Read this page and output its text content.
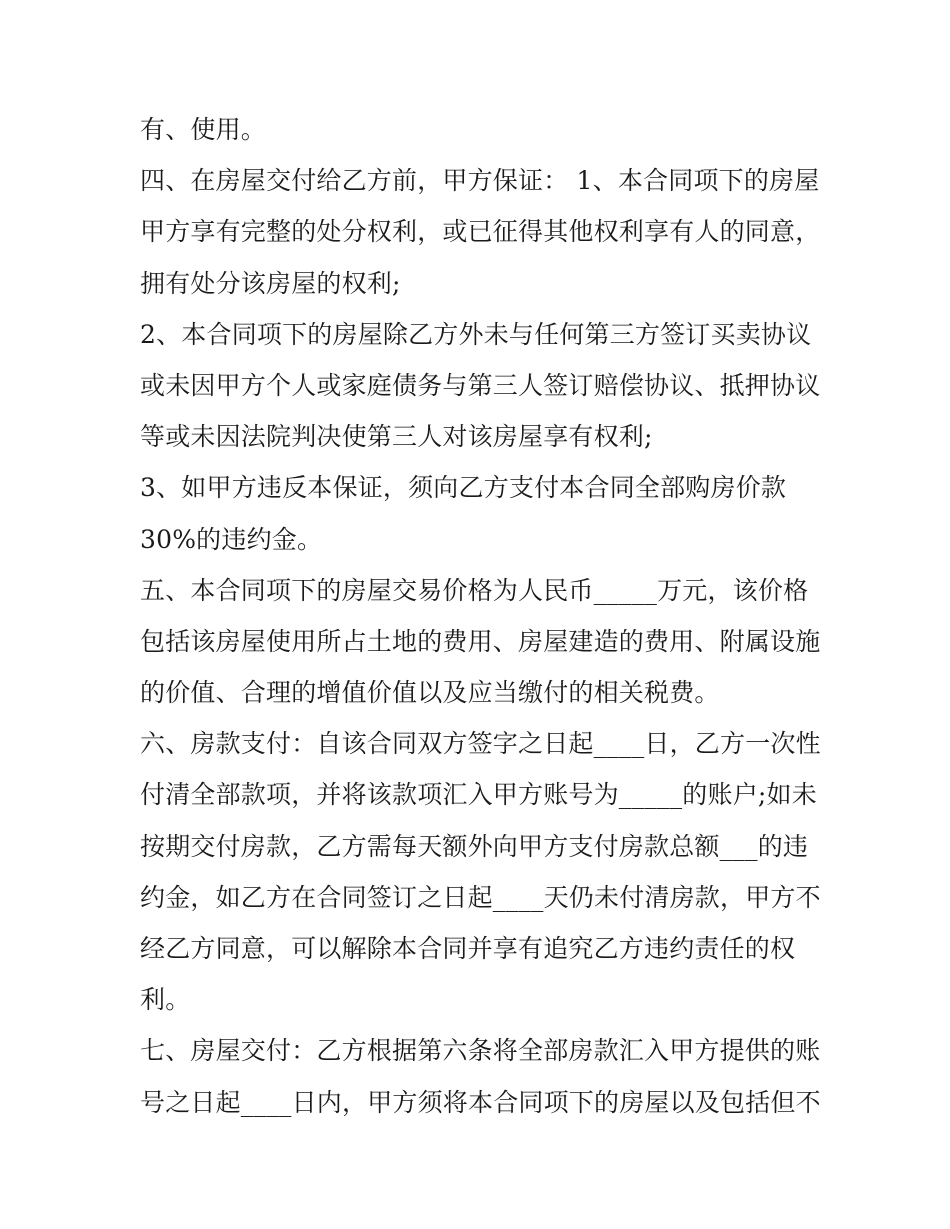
有、使用。
四、在房屋交付给乙方前，甲方保证： 1、本合同项下的房屋
甲方享有完整的处分权利，或已征得其他权利享有人的同意，
拥有处分该房屋的权利;
2、本合同项下的房屋除乙方外未与任何第三方签订买卖协议
或未因甲方个人或家庭债务与第三人签订赔偿协议、抵押协议
等或未因法院判决使第三人对该房屋享有权利;
3、如甲方违反本保证，须向乙方支付本合同全部购房价款
30%的违约金。
五、本合同项下的房屋交易价格为人民币_____万元，该价格
包括该房屋使用所占土地的费用、房屋建造的费用、附属设施
的价值、合理的增值价值以及应当缴付的相关税费。
六、房款支付：自该合同双方签字之日起____日，乙方一次性
付清全部款项，并将该款项汇入甲方账号为_____的账户;如未
按期交付房款，乙方需每天额外向甲方支付房款总额___的违
约金，如乙方在合同签订之日起____天仍未付清房款，甲方不
经乙方同意，可以解除本合同并享有追究乙方违约责任的权
利。
七、房屋交付：乙方根据第六条将全部房款汇入甲方提供的账
号之日起____日内，甲方须将本合同项下的房屋以及包括但不
